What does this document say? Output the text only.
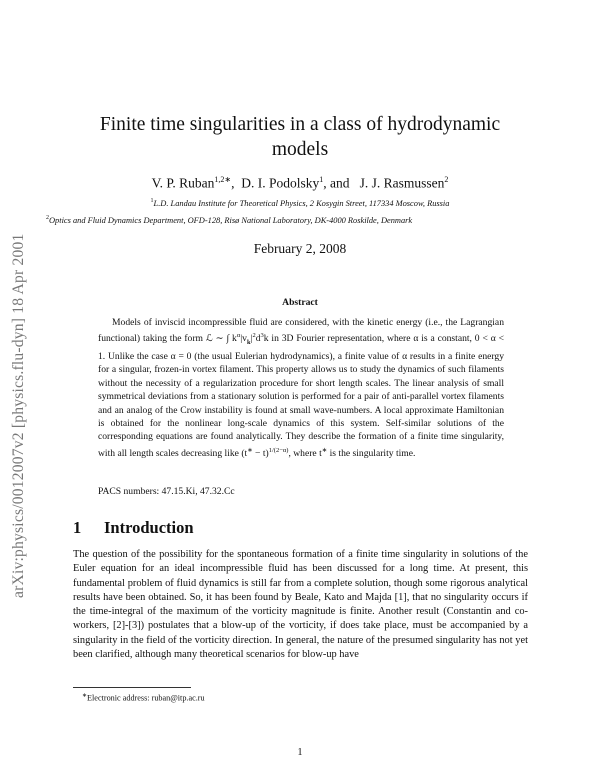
arXiv:physics/0012007v2 [physics.flu-dyn] 18 Apr 2001
Finite time singularities in a class of hydrodynamic
models
V. P. Ruban$^{1,2∗}$, D. I. Podolsky$^1$, and J. J. Rasmussen$^2$
$^1$L.D. Landau Institute for Theoretical Physics, 2 Kosygin Street, 117334 Moscow, Russia
$^2$Optics and Fluid Dynamics Department, OFD-128, Risø National Laboratory, DK-4000 Roskilde, Denmark
February 2, 2008
Abstract
Models of inviscid incompressible fluid are considered, with the kinetic energy (i.e., the Lagrangian functional) taking the form ℒ ∼ ∫ $k^\alpha|v_k|^2d^3k$ in 3D Fourier representation, where α is a constant, 0 < α < 1. Unlike the case α = 0 (the usual Eulerian hydrodynamics), a finite value of α results in a finite energy for a singular, frozen-in vortex filament. This property allows us to study the dynamics of such filaments without the necessity of a regularization procedure for short length scales. The linear analysis of small symmetrical deviations from a stationary solution is performed for a pair of anti-parallel vortex filaments and an analog of the Crow instability is found at small wave-numbers. A local approximate Hamiltonian is obtained for the nonlinear long-scale dynamics of this system. Self-similar solutions of the corresponding equations are found analytically. They describe the formation of a finite time singularity, with all length scales decreasing like $(t^∗ - t)^{1/(2-\alpha)}$, where t∗ is the singularity time.
PACS numbers: 47.15.Ki, 47.32.Cc
1 Introduction
The question of the possibility for the spontaneous formation of a finite time singularity in solutions of the Euler equation for an ideal incompressible fluid has been discussed for a long time. At present, this fundamental problem of fluid dynamics is still far from a complete solution, though some rigorous analytical results have been obtained. So, it has been found by Beale, Kato and Majda [1], that no singularity occurs if the time-integral of the maximum of the vorticity magnitude is finite. Another result (Constantin and co-workers, [2]-[3]) postulates that a blow-up of the vorticity, if does take place, must be accompanied by a singularity in the field of the vorticity direction. In general, the nature of the presumed singularity has not yet been clarified, although many theoretical scenarios for blow-up have
∗Electronic address: ruban@itp.ac.ru
1
